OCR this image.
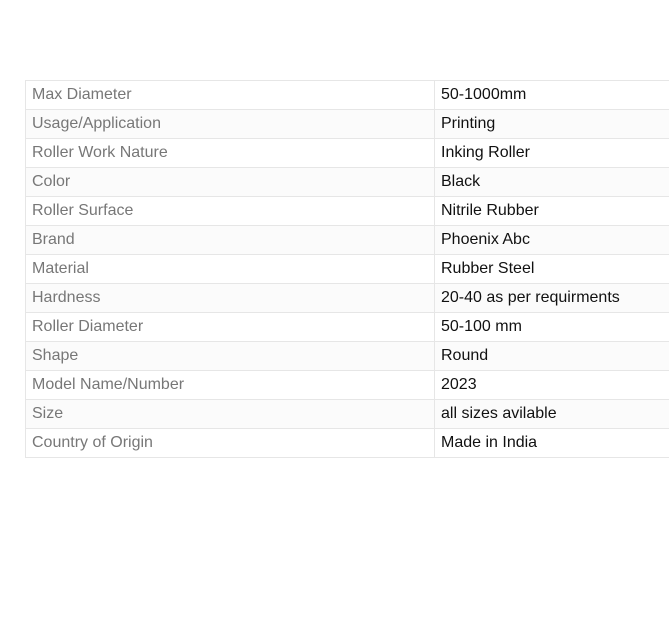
Max Diameter	50-1000mm
Usage/Application	Printing
Roller Work Nature	Inking Roller
Color	Black
Roller Surface	Nitrile Rubber
Brand	Phoenix Abc
Material	Rubber Steel
Hardness	20-40 as per requirments
Roller Diameter	50-100 mm
Shape	Round
Model Name/Number	2023
Size	all sizes avilable
Country of Origin	Made in India
